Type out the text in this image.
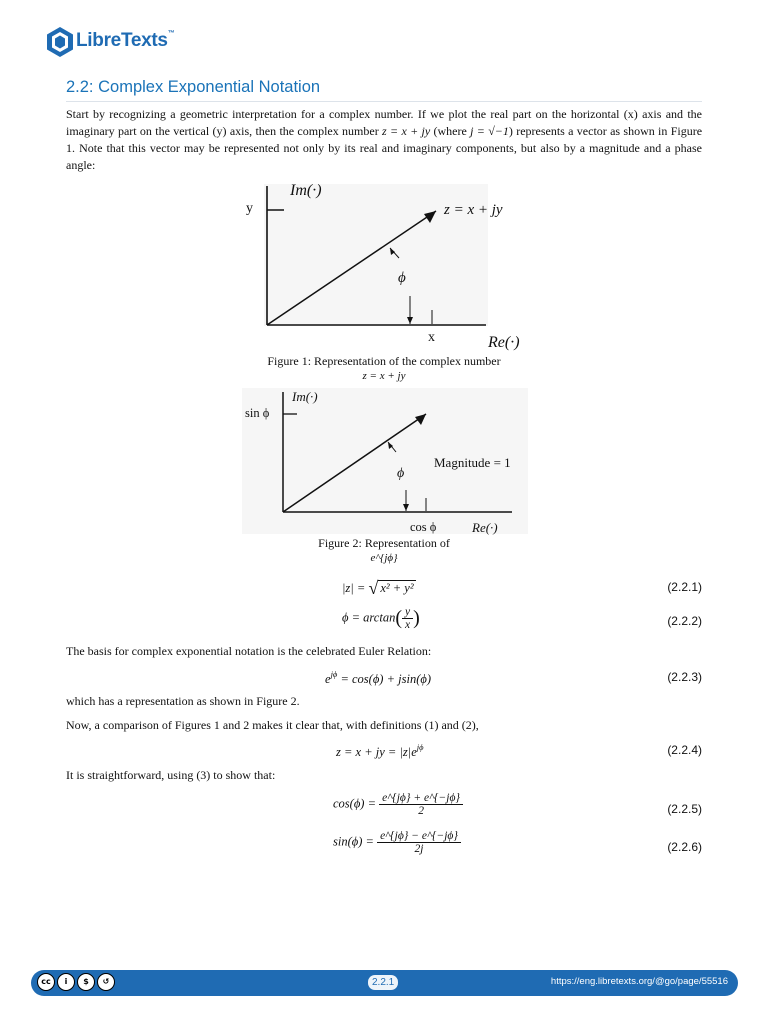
LibreTexts™
2.2: Complex Exponential Notation
Start by recognizing a geometric interpretation for a complex number. If we plot the real part on the horizontal (x) axis and the imaginary part on the vertical (y) axis, then the complex number z = x + jy (where j = √−1) represents a vector as shown in Figure 1. Note that this vector may be represented not only by its real and imaginary components, but also by a magnitude and a phase angle:
Im(·)
y	z = x + jy
ϕ
x	Re(·)
Figure 1: Representation of the complex number
z = x + jy
Im(·)
sin ϕ
ϕ
Magnitude = 1
cos ϕ	Re(·)
Figure 2: Representation of
e^{jϕ}
|z| = √ x² + y²	(2.2.1)
$\phi = \arctan( \frac{y}{x}$ )	(2.2.2)
The basis for complex exponential notation is the celebrated Euler Relation:
$e^{j\phi} = \cos(\phi) + jsin(\phi)$	(2.2.3)
which has a representation as shown in Figure 2.
Now, a comparison of Figures 1 and 2 makes it clear that, with definitions (1) and (2),
z = x + jy = $|z|e^{j\phi}$	(2.2.4)
It is straightforward, using (3) to show that:
$\cos(\phi) = \frac{e\^{}\{j\phi\} + e\^{}\{-j\phi\}}{2}$	(2.2.5)
$\sin(\phi) = \frac{e\^{}\{j\phi\} - e\^{}\{-j\phi\}}{2j}$	(2.2.6)
cc	i	$	↺	2.2.1	https://eng.libretexts.org/@go/page/55516
